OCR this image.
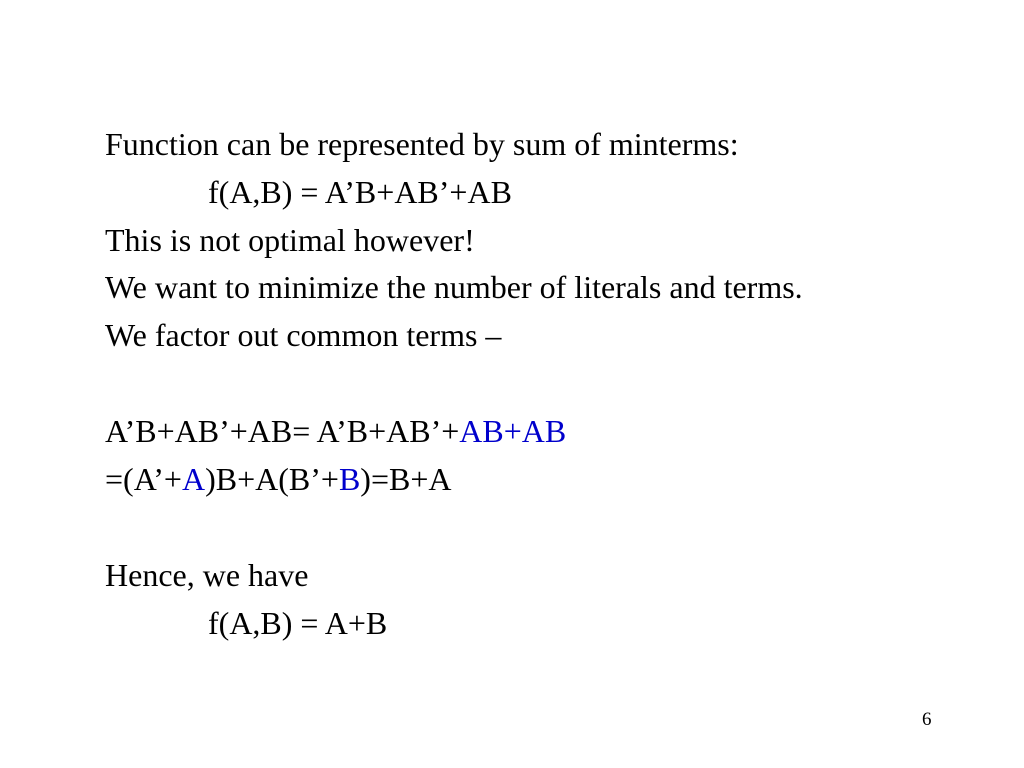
Function can be represented by sum of minterms:
f(A,B) = A’B+AB’+AB
This is not optimal however!
We want to minimize the number of literals and terms.
We factor out common terms –
A’B+AB’+AB= A’B+AB’+AB+AB
=(A’+A)B+A(B’+B)=B+A
Hence, we have
f(A,B) = A+B
6
